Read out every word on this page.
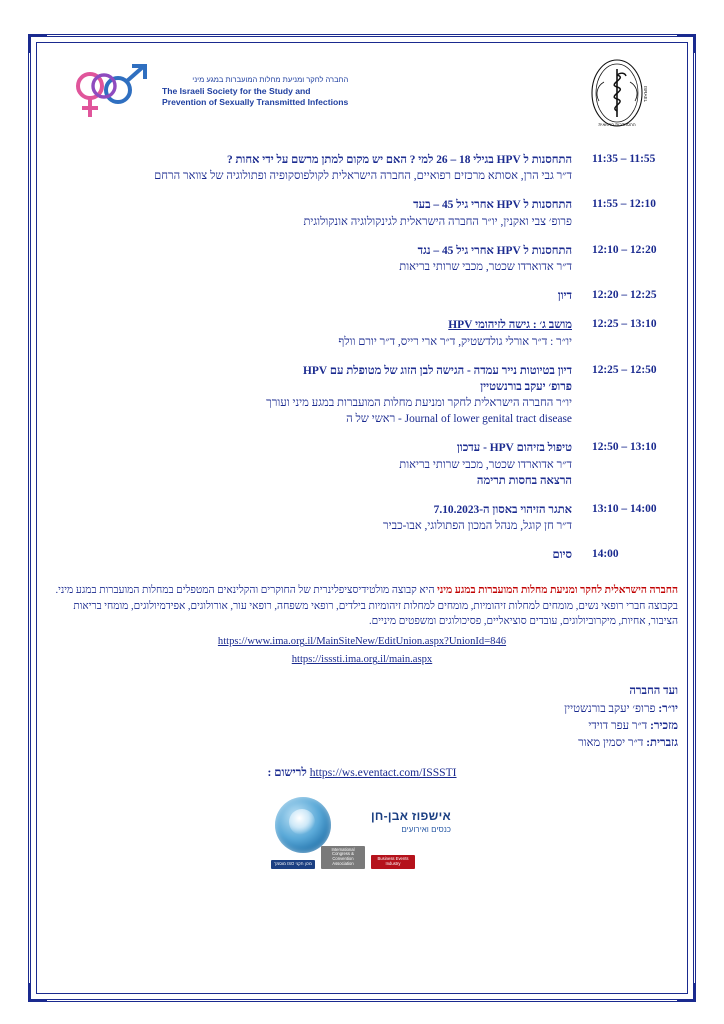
החברה לחקר ומניעת מחלות המועברות במגע מיני
The Israeli Society for the Study and
Prevention of Sexually Transmitted Infections
ההסתדרות הרפואית
ISRAEL
11:35 – 11:55	התחסנות ל HPV בגילי 18 – 26 למי ? האם יש מקום למתן מרשם על ידי אחות ?
ד״ר גבי הרן, אסותא מרכזים רפואיים, החברה הישראלית לקולפוסקופיה ופתולוגיה של צוואר הרחם

11:55 – 12:10	התחסנות ל HPV אחרי גיל 45 – בעד
פרופ׳ צבי ואקנין, יו״ר החברה הישראלית לגינקולוגיה אונקולוגית

12:10 – 12:20	התחסנות ל HPV אחרי גיל 45 – נגד
ד״ר אדוארדו שכטר, מכבי שרותי בריאות

12:20 – 12:25	דיון

12:25 – 13:10	מושב ג׳ : גישה לזיהומי HPV
יו״ר : ד״ר אורלי גולדשטיק, ד״ר ארי רייס, ד״ר יורם וולף

12:25 – 12:50	דיון בטיוטות נייר עמדה - הגישה לבן הזוג של מטופלת עם HPV
פרופ׳ יעקב בורנשטיין
יו״ר החברה הישראלית לחקר ומניעת מחלות המועברות במגע מיני ועורך
ראשי של ה - Journal of lower genital tract disease

12:50 – 13:10	טיפול בזיהום HPV - עדכון
ד״ר אדוארדו שכטר, מכבי שרותי בריאות
הרצאה בחסות תרימה

13:10 – 14:00	אתגר הזיהוי באסון ה-7.10.2023
ד״ר חן קוגל, מנהל המכון הפתולוגי, אבו-כביר

14:00	סיום
החברה הישראלית לחקר ומניעת מחלות המועברות במגע מיני היא קבוצה מולטידיסציפלינרית של החוקרים והקלינאים המטפלים במחלות המועברות במגע מיני. בקבוצה חברי רופאי נשים, מומחים למחלות זיהומיות, מומחים למחלות זיהומיות בילדים, רופאי משפחה, רופאי עור, אורולוגים, אפידמיולוגים, מומחי בריאות הציבור, אחיות, מיקרוביולוגים, עובדים סוציאליים, פסיכולוגים ומשפטים מיניים.
https://www.ima.org.il/MainSiteNew/EditUnion.aspx?UnionId=846
https://isssti.ima.org.il/main.aspx
ועד החברה
יו״ר: פרופ׳ יעקב בורנשטיין
מזכיר: ד״ר עפר דוידי
גזברית: ד״ר יסמין מאור
https://ws.eventact.com/ISSSTI לרישום :
אישפוז אבן-חן
כנסים ואירועים
Business Events Industry
International Congress & Convention Association
מכון תקני ISO מוסמך
